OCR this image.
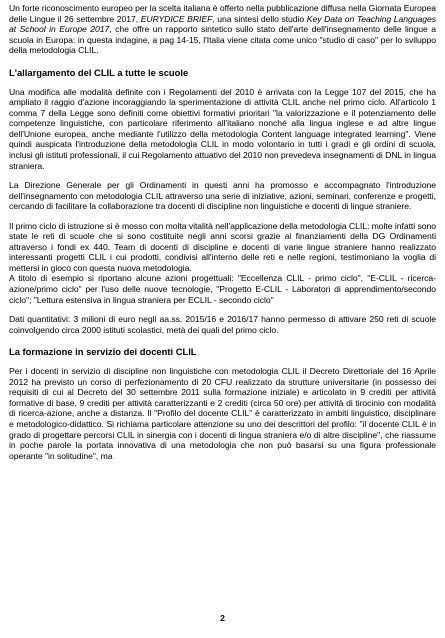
Un forte riconoscimento europeo per la scelta italiana è offerto nella pubblicazione diffusa nella Giornata Europea delle Lingue il 26 settembre 2017, EURYDICE BRIEF, una sintesi dello studio Key Data on Teaching Languages at School in Europe 2017, che offre un rapporto sintetico sullo stato dell'arte dell'insegnamento delle lingue a scuola in Europa: in questa indagine, a pag 14-15, l'Italia viene citata come unico "studio di caso" per lo sviluppo della metodologia CLIL.

L'allargamento del CLIL a tutte le scuole

Una modifica alle modalità definite con i Regolamenti del 2010 è arrivata con la Legge 107 del 2015, che ha ampliato il raggio d'azione incoraggiando la sperimentazione di attività CLIL anche nel primo ciclo. All'articolo 1 comma 7 della Legge sono definiti come obiettivi formativi prioritari "la valorizzazione e il potenziamento delle competenze linguistiche, con particolare riferimento all'italiano nonché alla lingua inglese e ad altre lingue dell'Unione europea, anche mediante l'utilizzo della metodologia Content language integrated learning". Viene quindi auspicata l'introduzione della metodologia CLIL in modo volontario in tutti i gradi e gli ordini di scuola, inclusi gli istituti professionali, il cui Regolamento attuativo del 2010 non prevedeva insegnamenti di DNL in lingua straniera.

La Direzione Generale per gli Ordinamenti in questi anni ha promosso e accompagnato l'introduzione dell'insegnamento con metodologia CLIL attraverso una serie di iniziative, azioni, seminari, conferenze e progetti, cercando di facilitare la collaborazione tra docenti di discipline non linguistiche e docenti di lingue straniere.

Il primo ciclo di istruzione si è mosso con molta vitalità nell'applicazione della metodologia CLIL: molte infatti sono state le reti di scuole che si sono costituite negli anni scorsi grazie ai finanziamenti della DG Ordinamenti attraverso i fondi ex 440. Team di docenti di discipline e docenti di varie lingue straniere hanno realizzato interessanti progetti CLIL i cui prodotti, condivisi all'interno delle reti e nelle regioni, testimoniano la voglia di mettersi in gioco con questa nuova metodologia.

A titolo di esempio si riportano alcune azioni progettuali: "Eccellenza CLIL - primo ciclo", "E-CLIL - ricerca-azione/primo ciclo" per l'uso delle nuove tecnologie, "Progetto E-CLIL - Laboratori di apprendimento/secondo ciclo"; "Lettura estensiva in lingua straniera per ECLIL - secondo ciclo"

Dati quantitativi: 3 milioni di euro negli aa.ss. 2015/16 e 2016/17 hanno permesso di attivare 250 reti di scuole coinvolgendo circa 2000 istituti scolastici, metà dei quali del primo ciclo.

La formazione in servizio dei docenti CLIL

Per i docenti in servizio di discipline non linguistiche con metodologia CLIL il Decreto Direttoriale del 16 Aprile 2012 ha previsto un corso di perfezionamento di 20 CFU realizzato da strutture universitarie (in possesso dei requisiti di cui al Decreto del 30 settembre 2011 sulla formazione iniziale) e articolato in 9 crediti per attività formative di base, 9 crediti per attività caratterizzanti e 2 crediti (circa 50 ore) per attività di tirocinio con modalità di ricerca-azione, anche a distanza. Il "Profilo del docente CLIL" è caratterizzato in ambiti linguistico, disciplinare e metodologico-didattico. Si richiama particolare attenzione su uno dei descrittori del profilo: "il docente CLIL è in grado di progettare percorsi CLIL in sinergia con i docenti di lingua straniera e/o di altre discipline", che riassume in poche parole la portata innovativa di una metodologia che non può basarsi su una figura professionale operante "in solitudine", ma

2
